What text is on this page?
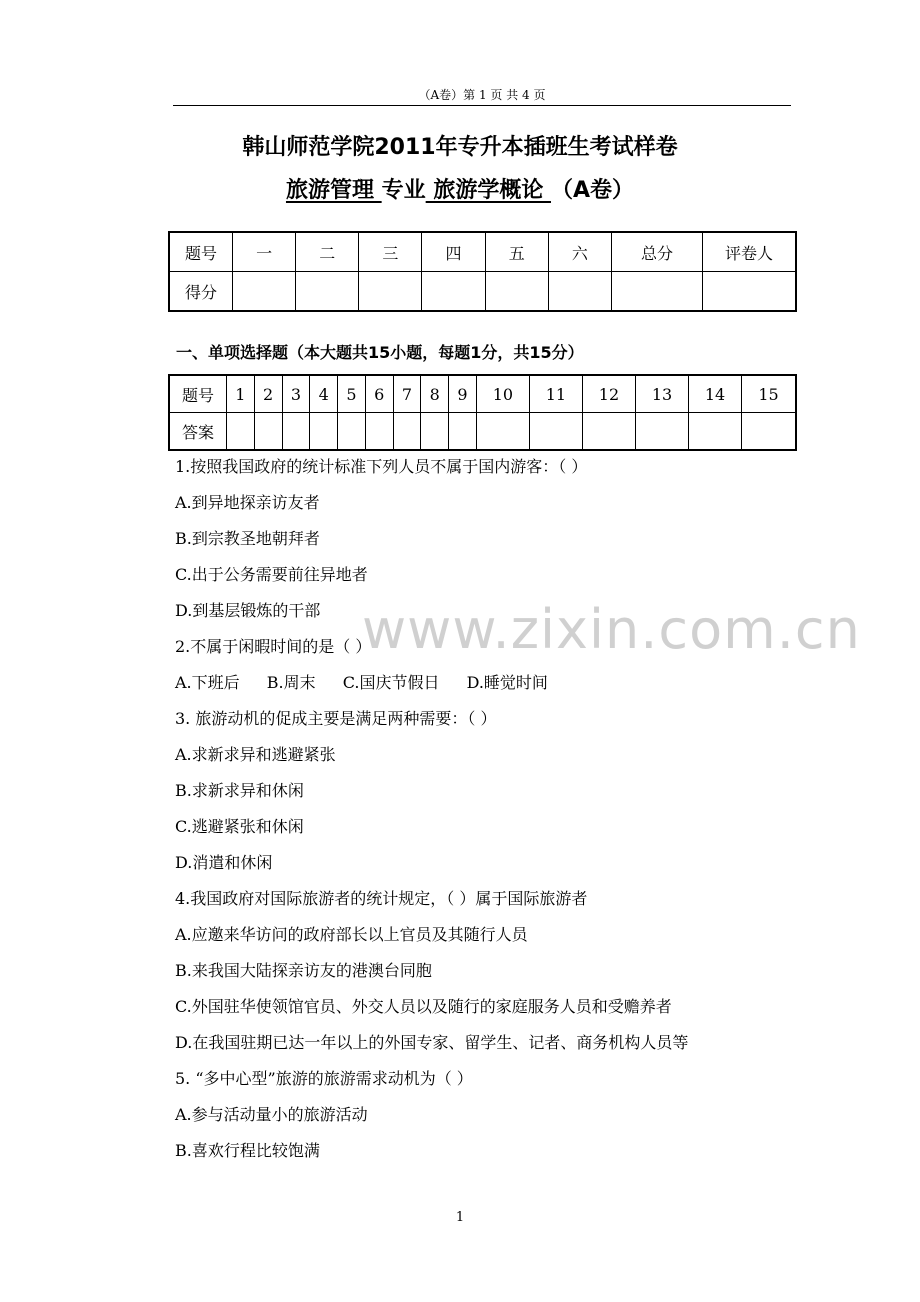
（A卷）第 1 页 共 4 页
韩山师范学院2011年专升本插班生考试样卷
旅游管理 专业 旅游学概论 （A卷）
题号	一	二	三	四	五	六	总分	评卷人
得分								
一、单项选择题（本大题共15小题，每题1分，共15分）
题号	1	2	3	4	5	6	7	8	9	10	11	12	13	14	15
答案															
1.按照我国政府的统计标准下列人员不属于国内游客：（ ）
A.到异地探亲访友者
B.到宗教圣地朝拜者
C.出于公务需要前往异地者
D.到基层锻炼的干部
2.不属于闲暇时间的是（ ）
A.下班后 B.周末 C.国庆节假日 D.睡觉时间
3. 旅游动机的促成主要是满足两种需要：（ ）
A.求新求异和逃避紧张
B.求新求异和休闲
C.逃避紧张和休闲
D.消遣和休闲
4.我国政府对国际旅游者的统计规定，（ ）属于国际旅游者
A.应邀来华访问的政府部长以上官员及其随行人员
B.来我国大陆探亲访友的港澳台同胞
C.外国驻华使领馆官员、外交人员以及随行的家庭服务人员和受赡养者
D.在我国驻期已达一年以上的外国专家、留学生、记者、商务机构人员等
5. “多中心型”旅游的旅游需求动机为（ ）
A.参与活动量小的旅游活动
B.喜欢行程比较饱满
www.zixin.com.cn
1
